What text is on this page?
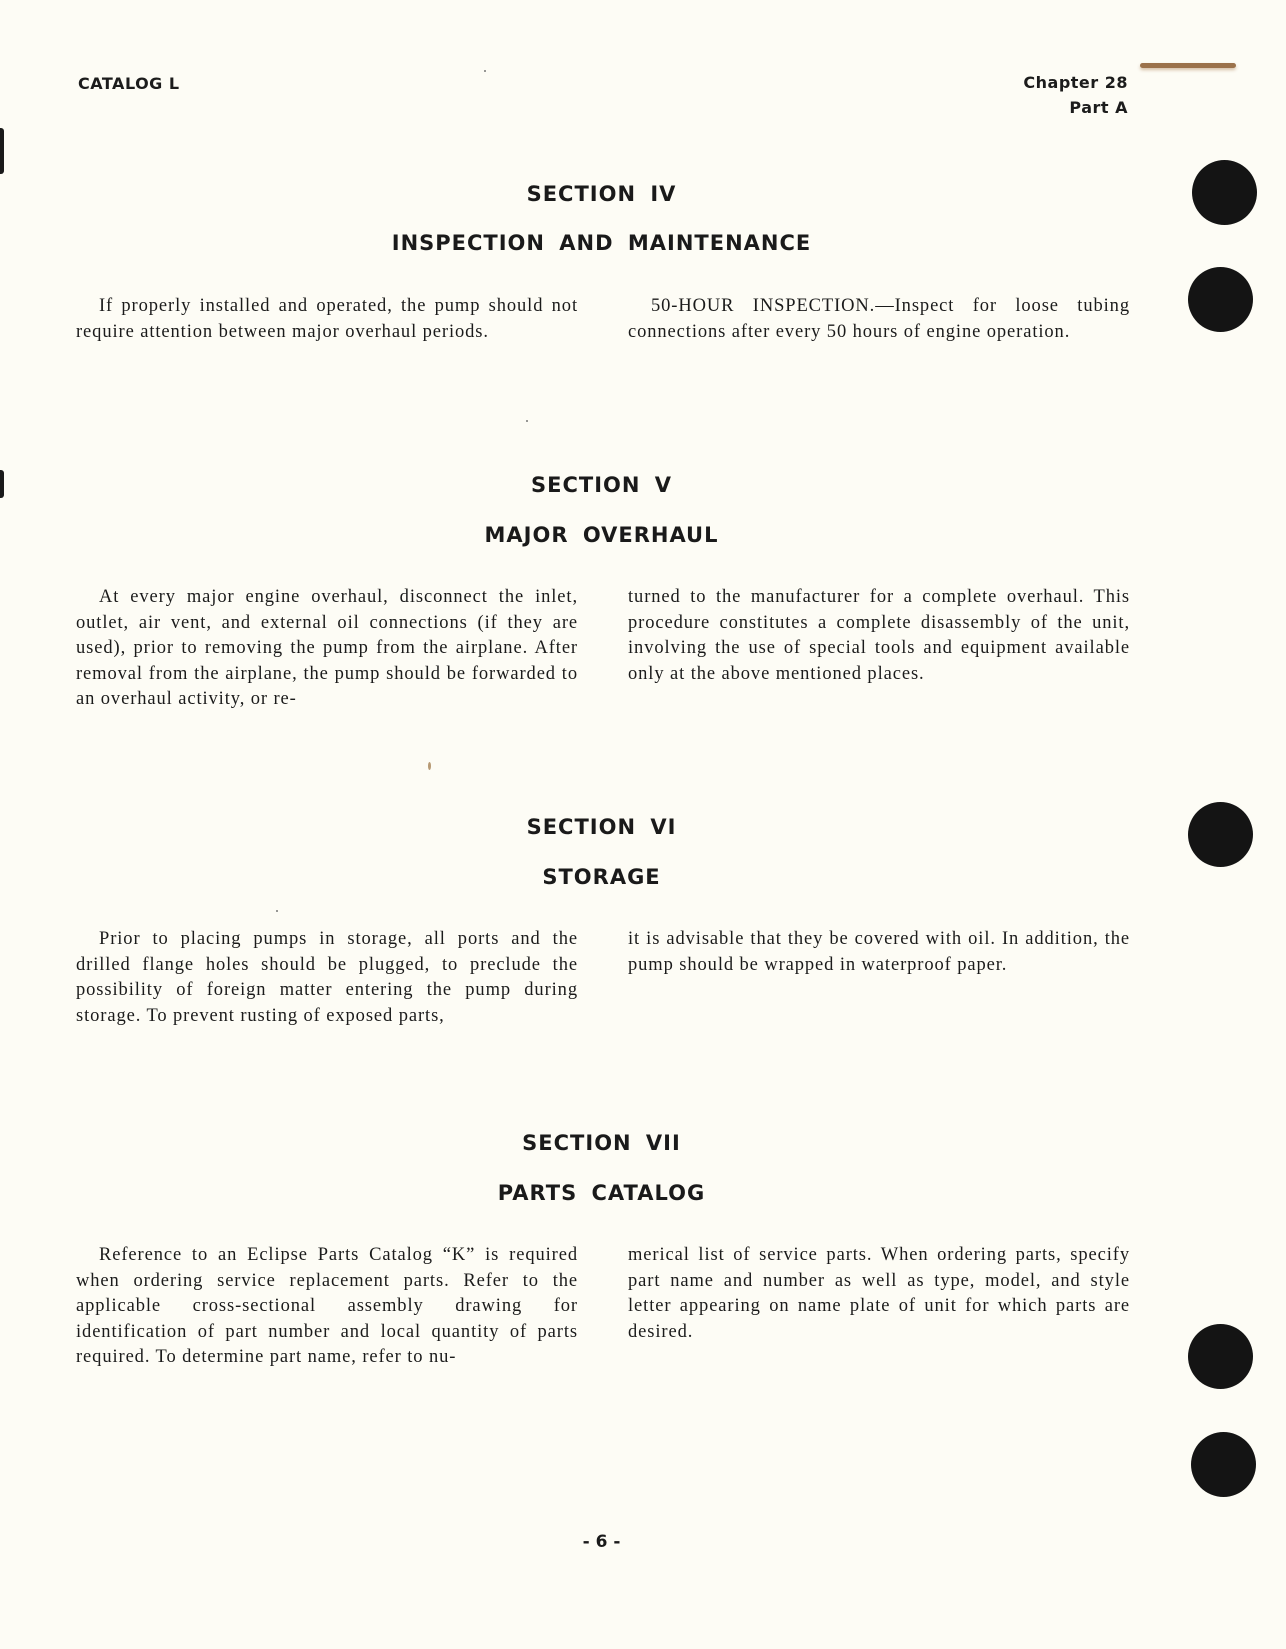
CATALOG L	Chapter 28
Part A
SECTION IV
INSPECTION AND MAINTENANCE
If properly installed and operated, the pump should not require attention between major overhaul periods.
50-HOUR INSPECTION.—Inspect for loose tubing connections after every 50 hours of engine operation.
SECTION V
MAJOR OVERHAUL
At every major engine overhaul, disconnect the inlet, outlet, air vent, and external oil connections (if they are used), prior to removing the pump from the airplane. After removal from the airplane, the pump should be forwarded to an overhaul activity, or re-
turned to the manufacturer for a complete overhaul. This procedure constitutes a complete disassembly of the unit, involving the use of special tools and equipment available only at the above mentioned places.
SECTION VI
STORAGE
Prior to placing pumps in storage, all ports and the drilled flange holes should be plugged, to preclude the possibility of foreign matter entering the pump during storage. To prevent rusting of exposed parts,
it is advisable that they be covered with oil. In addition, the pump should be wrapped in waterproof paper.
SECTION VII
PARTS CATALOG
Reference to an Eclipse Parts Catalog “K” is required when ordering service replacement parts. Refer to the applicable cross-sectional assembly drawing for identification of part number and local quantity of parts required. To determine part name, refer to nu-
merical list of service parts. When ordering parts, specify part name and number as well as type, model, and style letter appearing on name plate of unit for which parts are desired.
- 6 -
